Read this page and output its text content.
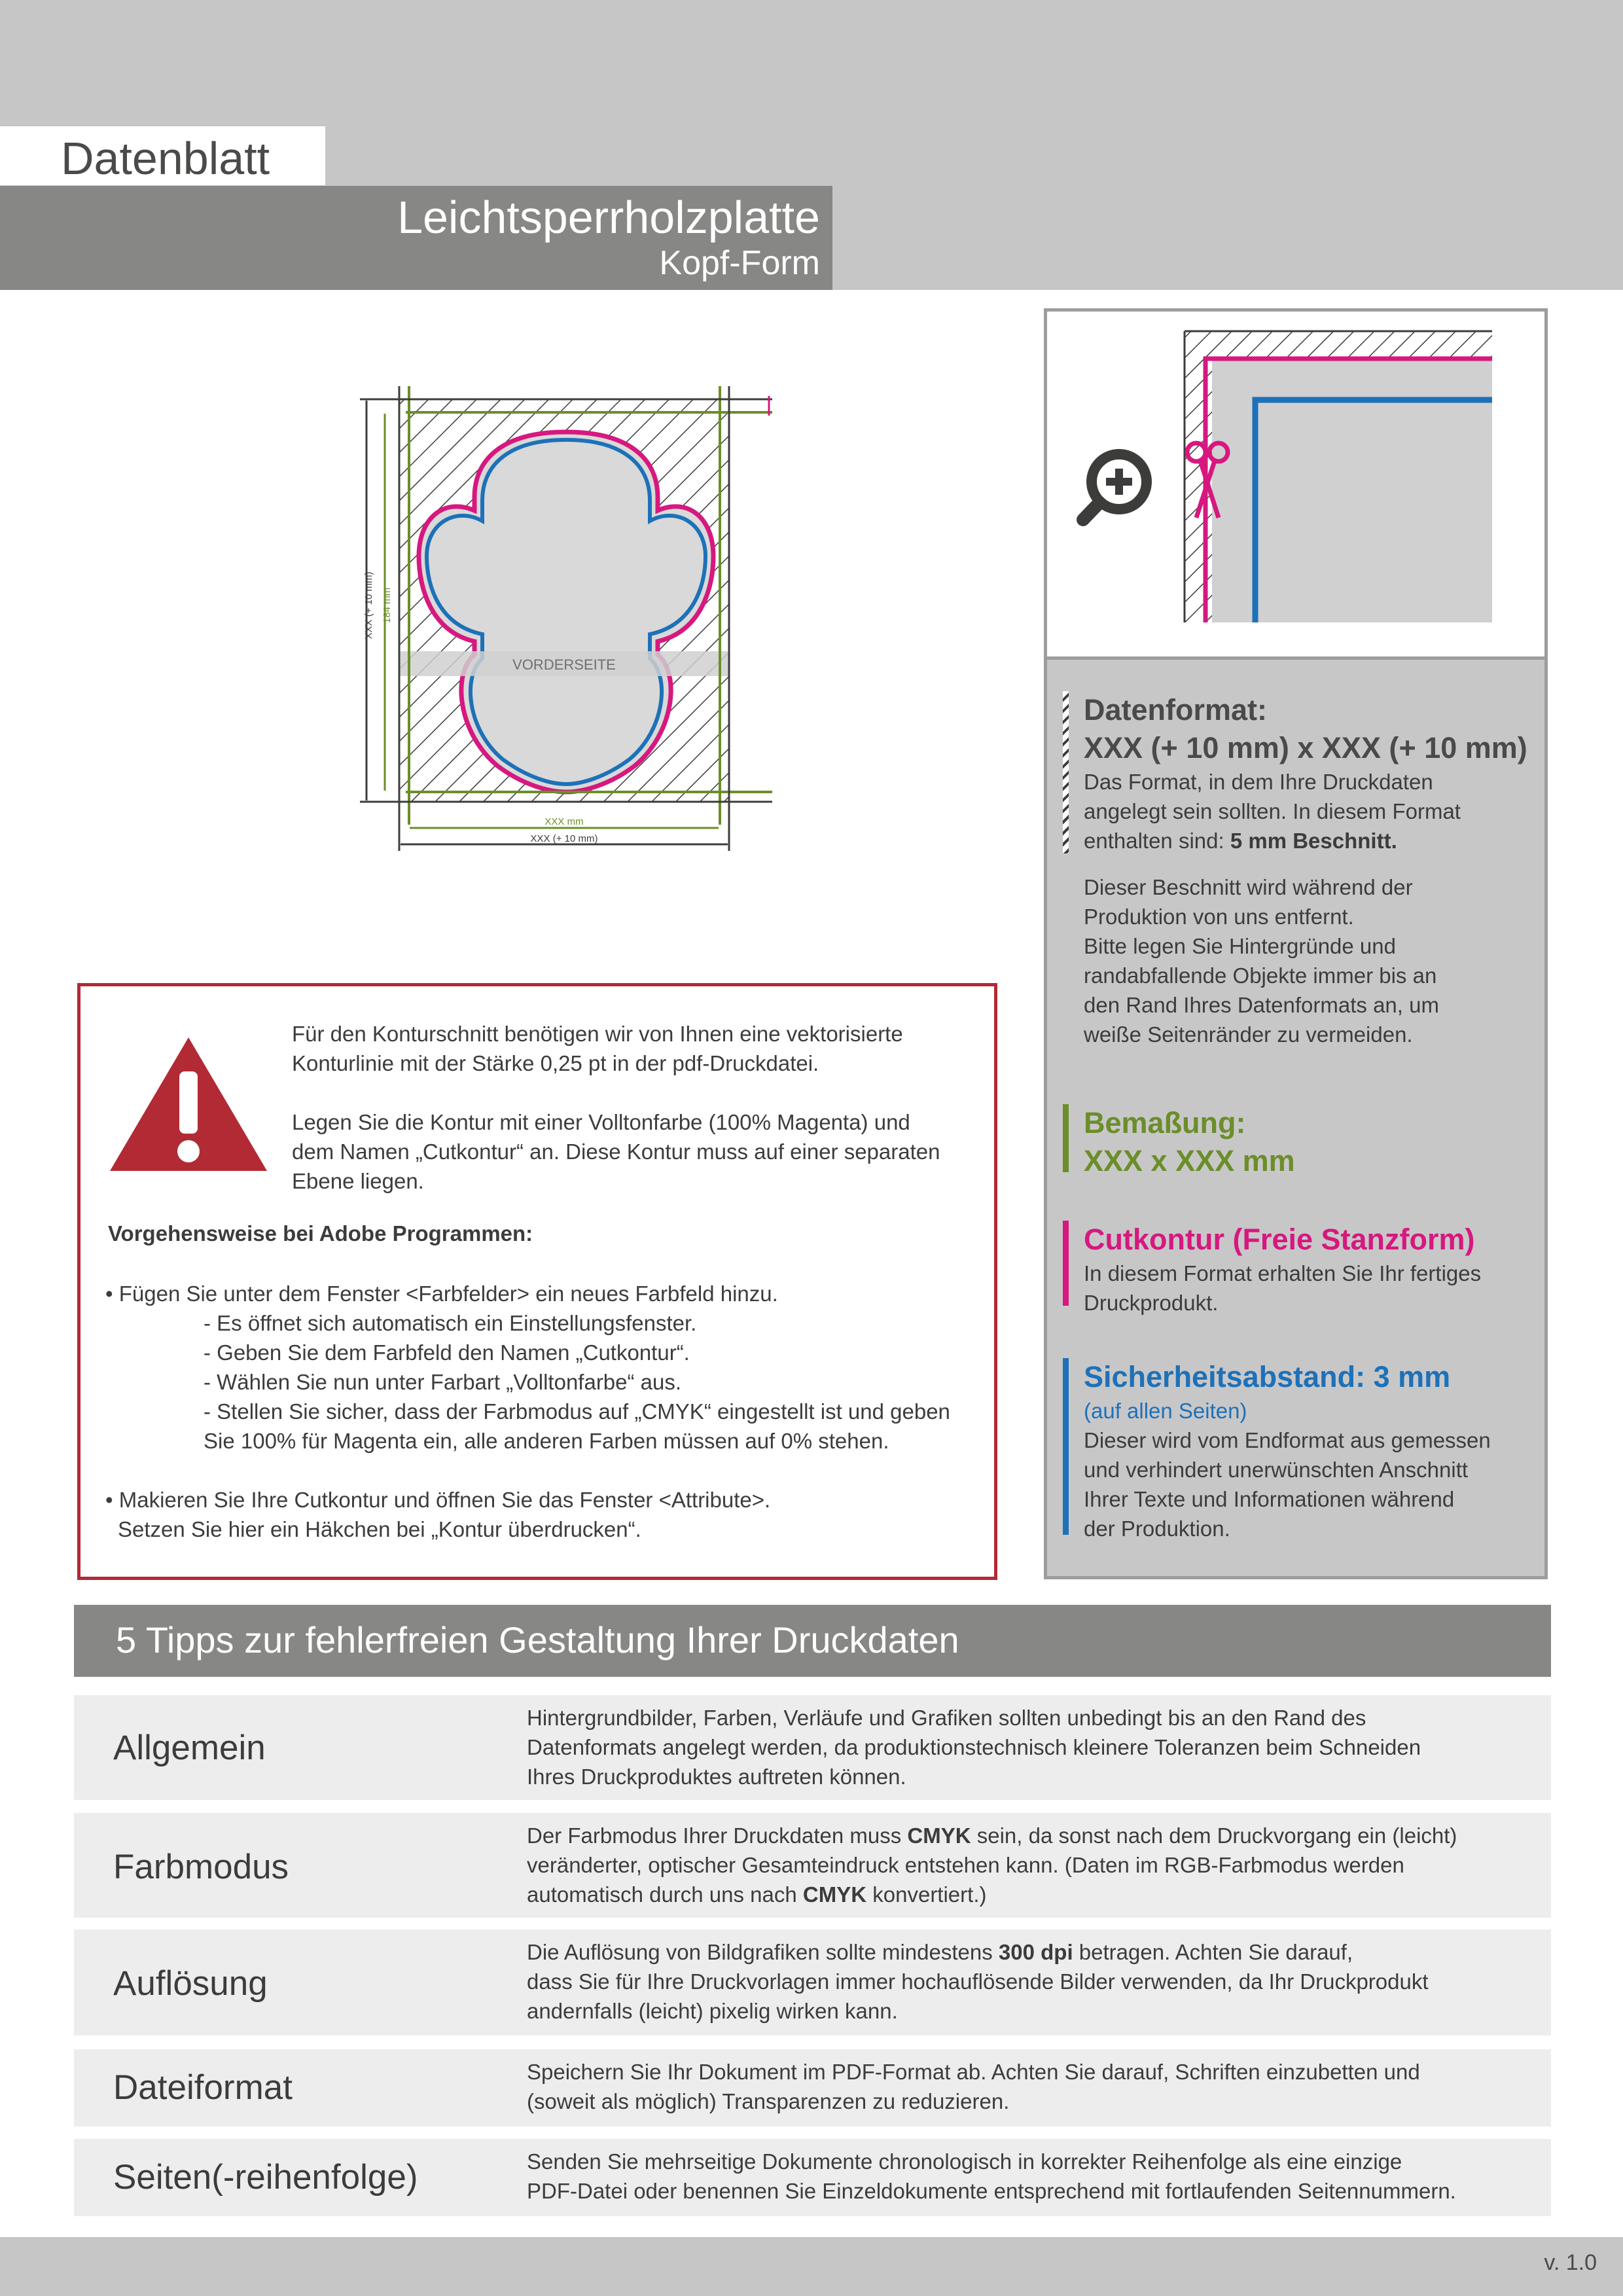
Datenblatt
Leichtsperrholzplatte
Kopf-Form
VORDERSEITE
XXX (+ 10 mm) 184 mm
XXX mm
XXX (+ 10 mm)
Datenformat:
XXX (+ 10 mm) x XXX (+ 10 mm)
Das Format, in dem Ihre Druckdaten
angelegt sein sollten. In diesem Format
enthalten sind: 5 mm Beschnitt.
Dieser Beschnitt wird während der
Produktion von uns entfernt.
Bitte legen Sie Hintergründe und
randabfallende Objekte immer bis an
den Rand Ihres Datenformats an, um
weiße Seitenränder zu vermeiden.
Bemaßung:
XXX x XXX mm
Cutkontur (Freie Stanzform)
In diesem Format erhalten Sie Ihr fertiges
Druckprodukt.
Sicherheitsabstand: 3 mm
(auf allen Seiten)
Dieser wird vom Endformat aus gemessen
und verhindert unerwünschten Anschnitt
Ihrer Texte und Informationen während
der Produktion.
Für den Konturschnitt benötigen wir von Ihnen eine vektorisierte
Konturlinie mit der Stärke 0,25 pt in der pdf-Druckdatei.
Legen Sie die Kontur mit einer Volltonfarbe (100% Magenta) und
dem Namen „Cutkontur“ an. Diese Kontur muss auf einer separaten
Ebene liegen.
Vorgehensweise bei Adobe Programmen:
• Fügen Sie unter dem Fenster <Farbfelder> ein neues Farbfeld hinzu.
- Es öffnet sich automatisch ein Einstellungsfenster.
- Geben Sie dem Farbfeld den Namen „Cutkontur“.
- Wählen Sie nun unter Farbart „Volltonfarbe“ aus.
- Stellen Sie sicher, dass der Farbmodus auf „CMYK“ eingestellt ist und geben
Sie 100% für Magenta ein, alle anderen Farben müssen auf 0% stehen.
• Makieren Sie Ihre Cutkontur und öffnen Sie das Fenster <Attribute>.
Setzen Sie hier ein Häkchen bei „Kontur überdrucken“.
5 Tipps zur fehlerfreien Gestaltung Ihrer Druckdaten
Allgemein
Hintergrundbilder, Farben, Verläufe und Grafiken sollten unbedingt bis an den Rand des
Datenformats angelegt werden, da produktionstechnisch kleinere Toleranzen beim Schneiden
Ihres Druckproduktes auftreten können.
Farbmodus
Der Farbmodus Ihrer Druckdaten muss CMYK sein, da sonst nach dem Druckvorgang ein (leicht)
veränderter, optischer Gesamteindruck entstehen kann. (Daten im RGB-Farbmodus werden
automatisch durch uns nach CMYK konvertiert.)
Auflösung
Die Auflösung von Bildgrafiken sollte mindestens 300 dpi betragen. Achten Sie darauf,
dass Sie für Ihre Druckvorlagen immer hochauflösende Bilder verwenden, da Ihr Druckprodukt
andernfalls (leicht) pixelig wirken kann.
Dateiformat	Speichern Sie Ihr Dokument im PDF-Format ab. Achten Sie darauf, Schriften einzubetten und
(soweit als möglich) Transparenzen zu reduzieren.
Seiten(-reihenfolge)	Senden Sie mehrseitige Dokumente chronologisch in korrekter Reihenfolge als eine einzige
PDF-Datei oder benennen Sie Einzeldokumente entsprechend mit fortlaufenden Seitennummern.
v. 1.0
